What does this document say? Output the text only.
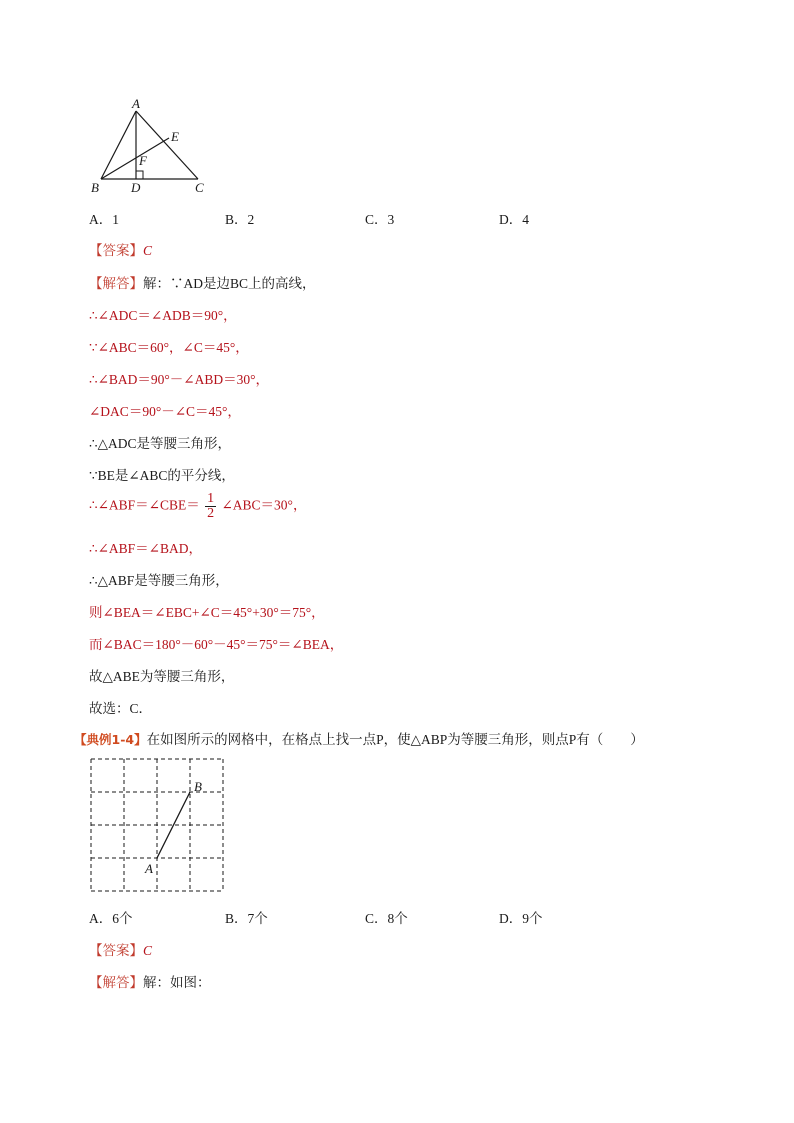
A
E
F
B D	C
A．1	B．2	C．3	D．4
【答案】C
【解答】解：∵AD是边BC上的高线，
∴∠ADC＝∠ADB＝90°，
∵∠ABC＝60°，∠C＝45°，
∴∠BAD＝90°－∠ABD＝30°，
∠DAC＝90°－∠C＝45°，
∴△ADC是等腰三角形，
∵BE是∠ABC的平分线，
∴∠ABF＝∠CBE＝ $\frac{1}{2}$ ∠ABC＝30°，
∴∠ABF＝∠BAD，
∴△ABF是等腰三角形，
则∠BEA＝∠EBC+∠C＝45°+30°＝75°，
而∠BAC＝180°－60°－45°＝75°＝∠BEA，
故△ABE为等腰三角形，
故选：C．
【典例1-4】在如图所示的网格中，在格点上找一点P，使△ABP为等腰三角形，则点P有（　　）
B
A
A．6个	B．7个	C．8个	D．9个
【答案】C
【解答】解：如图：
